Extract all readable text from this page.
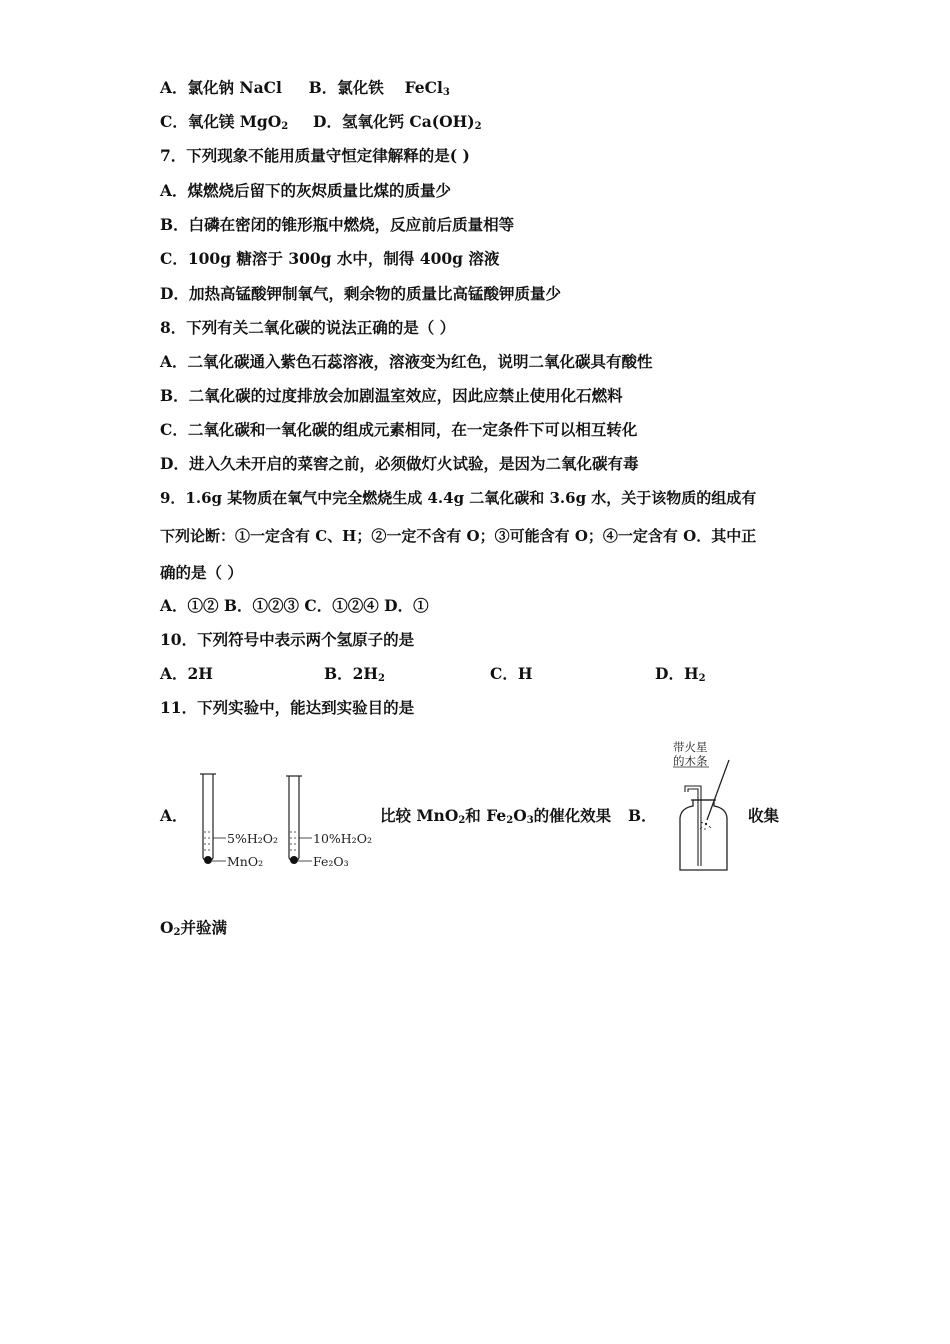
A．氯化钠 NaCl B．氯化铁 FeCl$_3$
C．氧化镁 MgO$_2$ D．氢氧化钙 $Ca(OH)_2$
7．下列现象不能用质量守恒定律解释的是( )
A．煤燃烧后留下的灰烬质量比煤的质量少
B．白磷在密闭的锥形瓶中燃烧，反应前后质量相等
C．100g 糖溶于 300g 水中，制得 400g 溶液
D．加热高锰酸钾制氧气，剩余物的质量比高锰酸钾质量少
8．下列有关二氧化碳的说法正确的是（ ）
A．二氧化碳通入紫色石蕊溶液，溶液变为红色，说明二氧化碳具有酸性
B．二氧化碳的过度排放会加剧温室效应，因此应禁止使用化石燃料
C．二氧化碳和一氧化碳的组成元素相同，在一定条件下可以相互转化
D．进入久未开启的菜窖之前，必须做灯火试验，是因为二氧化碳有毒
9．1.6g 某物质在氧气中完全燃烧生成 4.4g 二氧化碳和 3.6g 水，关于该物质的组成有
下列论断：①一定含有 C、H；②一定不含有 O；③可能含有 O；④一定含有 O．其中正
确的是（ ）
A．①② B．①②③ C．①②④ D．①
10．下列符号中表示两个氢原子的是
A．2H	B．$2H_2$	C．H	D．$H_2$
11．下列实验中，能达到实验目的是
A．
5%H₂O₂
MnO₂
10%H₂O₂
Fe₂O₃
比较 MnO$_2$和 $Fe_2O_3$的催化效果 B．
带火星
的木条
收集
$O_2$并验满
